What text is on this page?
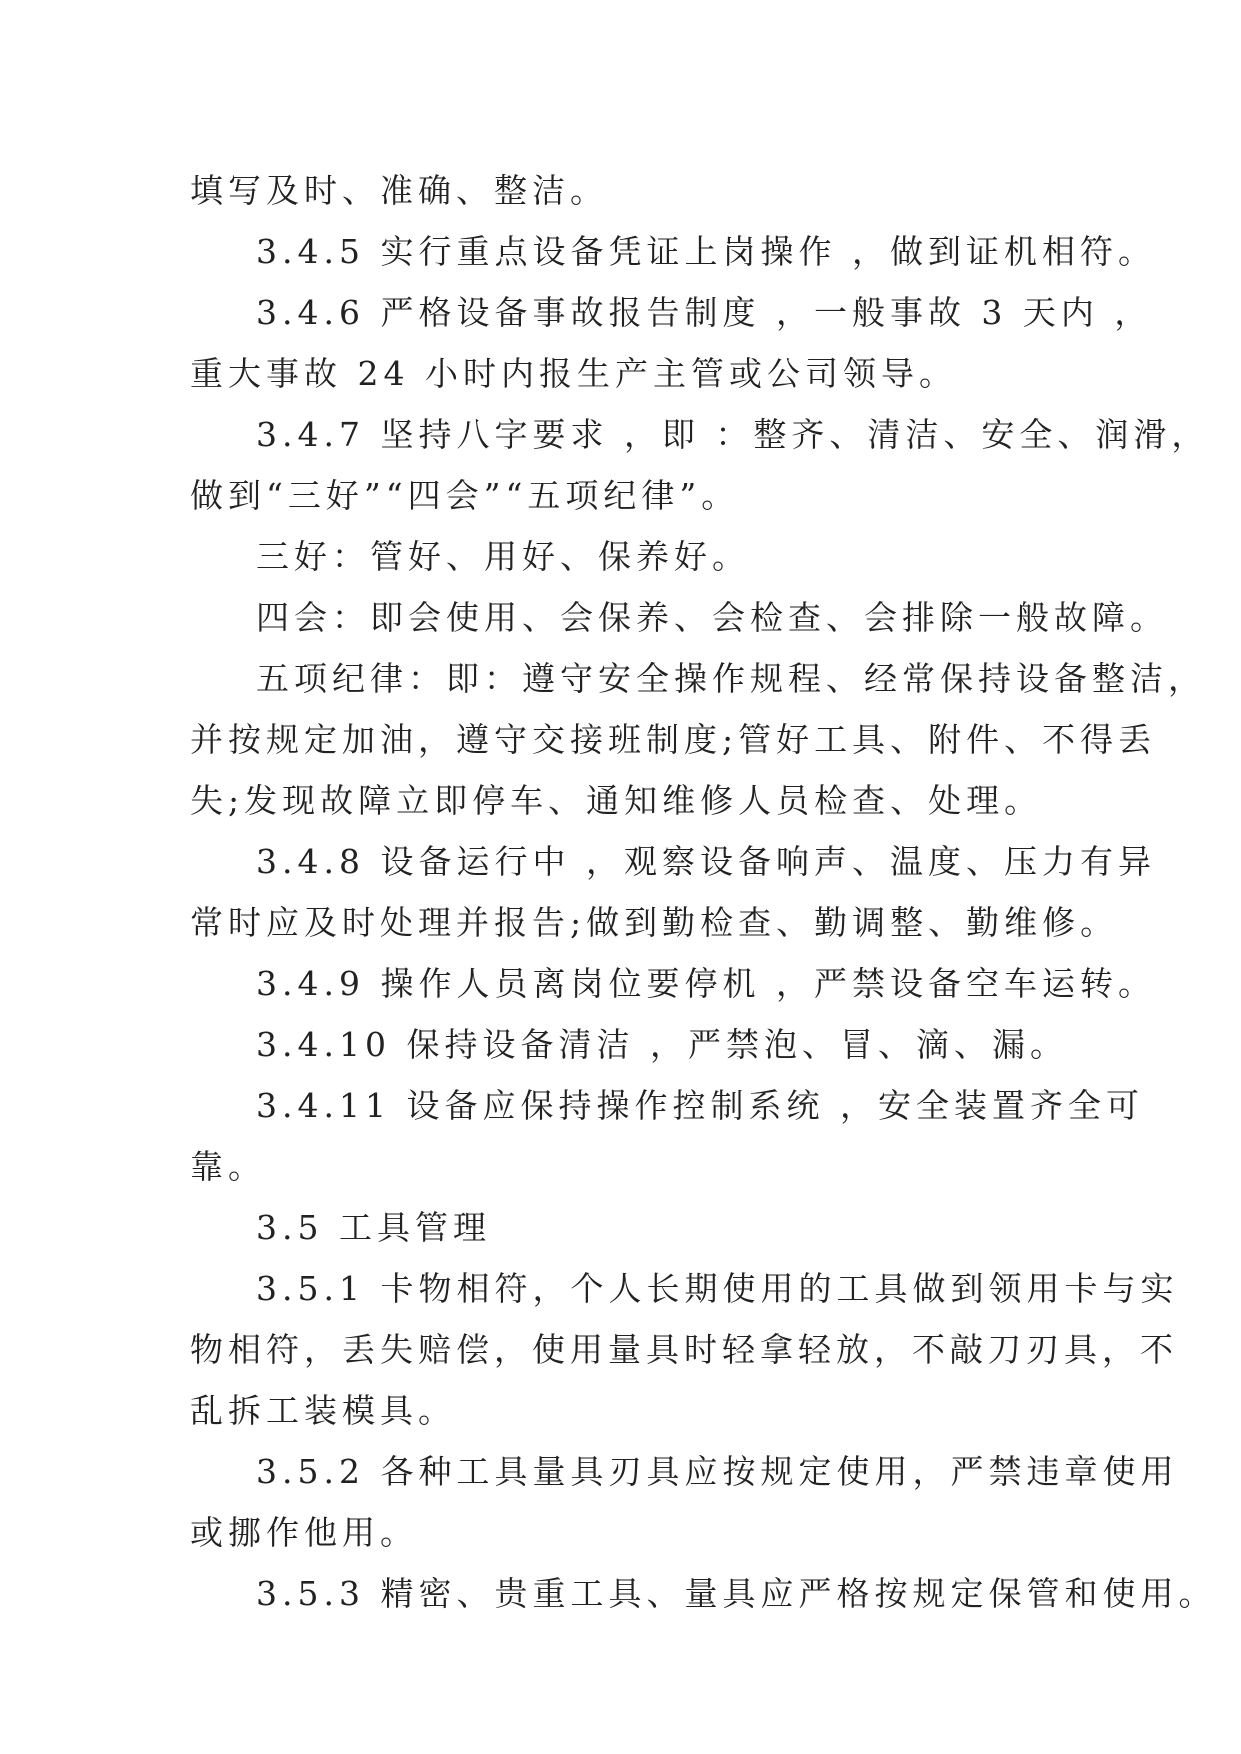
填写及时、准确、整洁。
3.4.5 实行重点设备凭证上岗操作 ，做到证机相符。
3.4.6 严格设备事故报告制度 ，一般事故 3 天内 ，
重大事故 24 小时内报生产主管或公司领导。
3.4.7 坚持八字要求 ，即 ：整齐、清洁、安全、润滑，
做到“三好”“四会”“五项纪律”。
三好：管好、用好、保养好。
四会：即会使用、会保养、会检查、会排除一般故障。
五项纪律：即：遵守安全操作规程、经常保持设备整洁，
并按规定加油，遵守交接班制度;管好工具、附件、不得丢
失;发现故障立即停车、通知维修人员检查、处理。
3.4.8 设备运行中 ，观察设备响声、温度、压力有异
常时应及时处理并报告;做到勤检查、勤调整、勤维修。
3.4.9 操作人员离岗位要停机 ，严禁设备空车运转。
3.4.10 保持设备清洁 ，严禁泡、冒、滴、漏。
3.4.11 设备应保持操作控制系统 ，安全装置齐全可
靠。
3.5 工具管理
3.5.1 卡物相符，个人长期使用的工具做到领用卡与实
物相符，丢失赔偿，使用量具时轻拿轻放，不敲刀刃具，不
乱拆工装模具。
3.5.2 各种工具量具刃具应按规定使用，严禁违章使用
或挪作他用。
3.5.3 精密、贵重工具、量具应严格按规定保管和使用。
